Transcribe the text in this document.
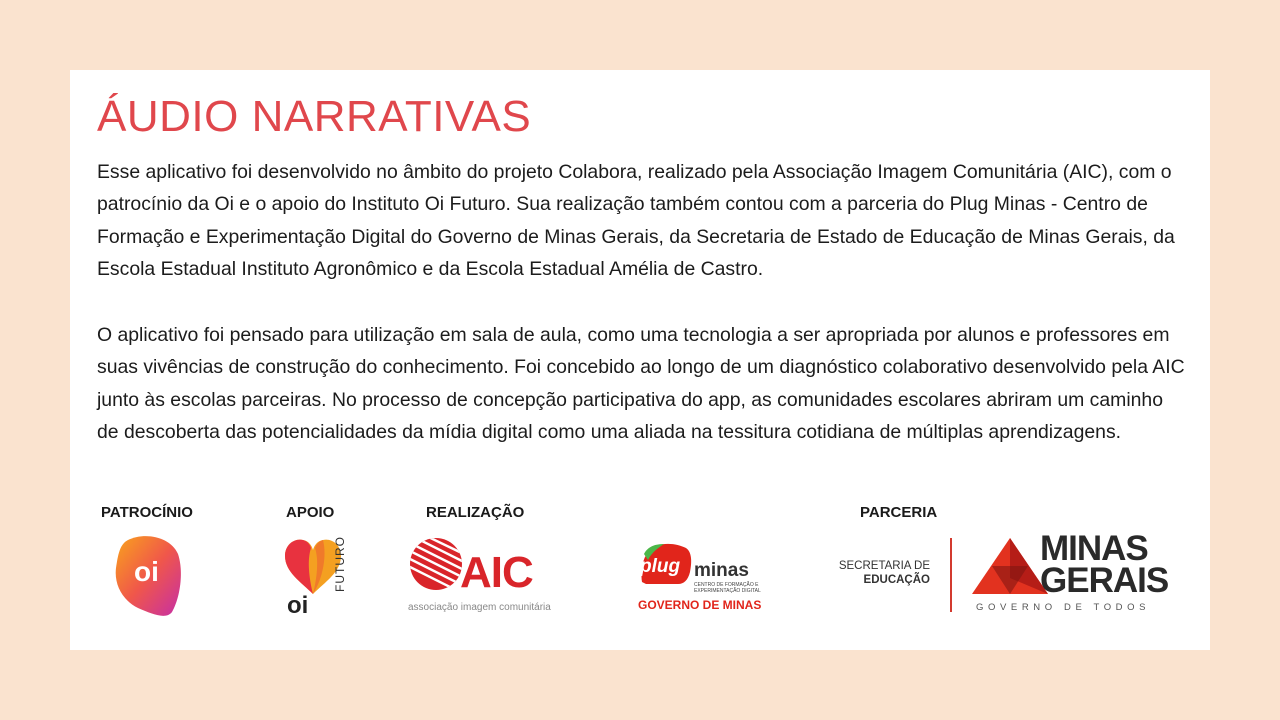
ÁUDIO NARRATIVAS

Esse aplicativo foi desenvolvido no âmbito do projeto Colabora, realizado pela Associação Imagem Comunitária (AIC), com o patrocínio da Oi e o apoio do Instituto Oi Futuro. Sua realização também contou com a parceria do Plug Minas - Centro de Formação e Experimentação Digital do Governo de Minas Gerais, da Secretaria de Estado de Educação de Minas Gerais, da Escola Estadual Instituto Agronômico e da Escola Estadual Amélia de Castro.

O aplicativo foi pensado para utilização em sala de aula, como uma tecnologia a ser apropriada por alunos e professores em suas vivências de construção do conhecimento. Foi concebido ao longo de um diagnóstico colaborativo desenvolvido pela AIC junto às escolas parceiras. No processo de concepção participativa do app, as comunidades escolares abriram um caminho de descoberta das potencialidades da mídia digital como uma aliada na tessitura cotidiana de múltiplas aprendizagens.

PATROCÍNIO	APOIO	REALIZAÇÃO	PARCERIA
oi
oi
FUTURO	AIC
associação imagem comunitária
plug minas
CENTRO DE FORMAÇÃO E
EXPERIMENTAÇÃO DIGITAL
GOVERNO DE MINAS
SECRETARIA DE
EDUCAÇÃO
MINAS
GERAIS
GOVERNO DE TODOS
